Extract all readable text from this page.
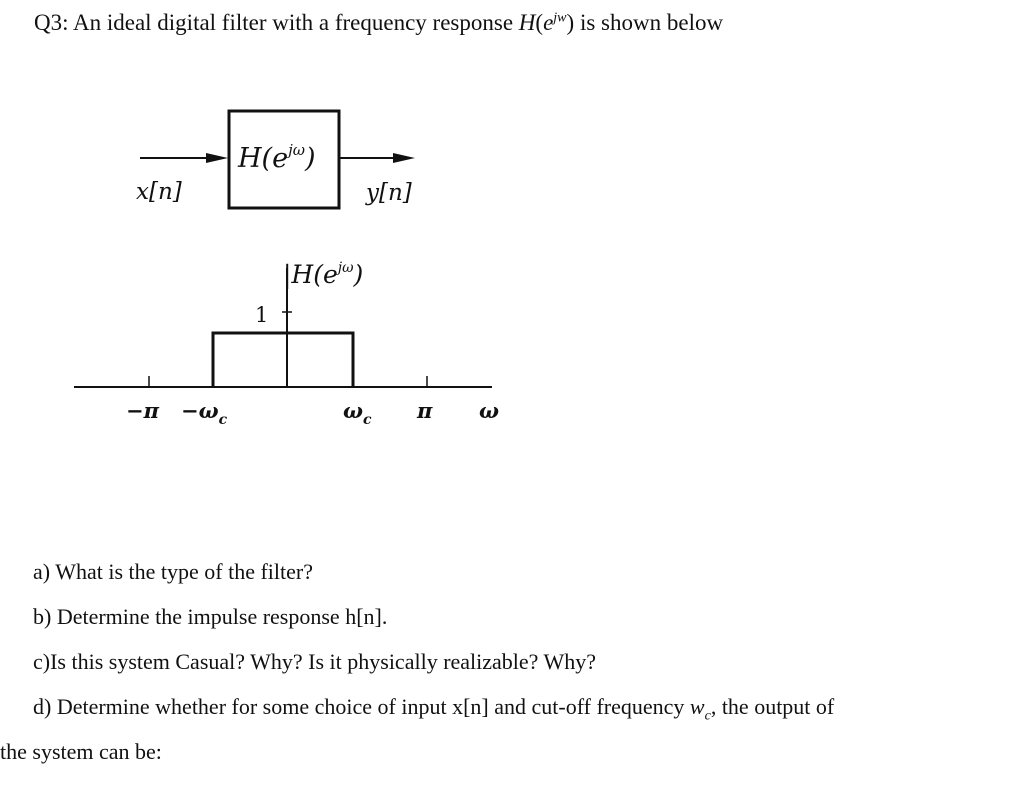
Q3: An ideal digital filter with a frequency response $H(e^{jw})$ is shown below
$H(e^{j\omega})$
x[n]	y[n]
$|H(e^{j\omega})$
1
$-\pi -\omega_c$	$\omega_c$ π ω

a) What is the type of the filter?

b) Determine the impulse response h[n].

c)Is this system Casual? Why? Is it physically realizable? Why?

d) Determine whether for some choice of input x[n] and cut-off frequency $w_c$, the output of

the system can be:
